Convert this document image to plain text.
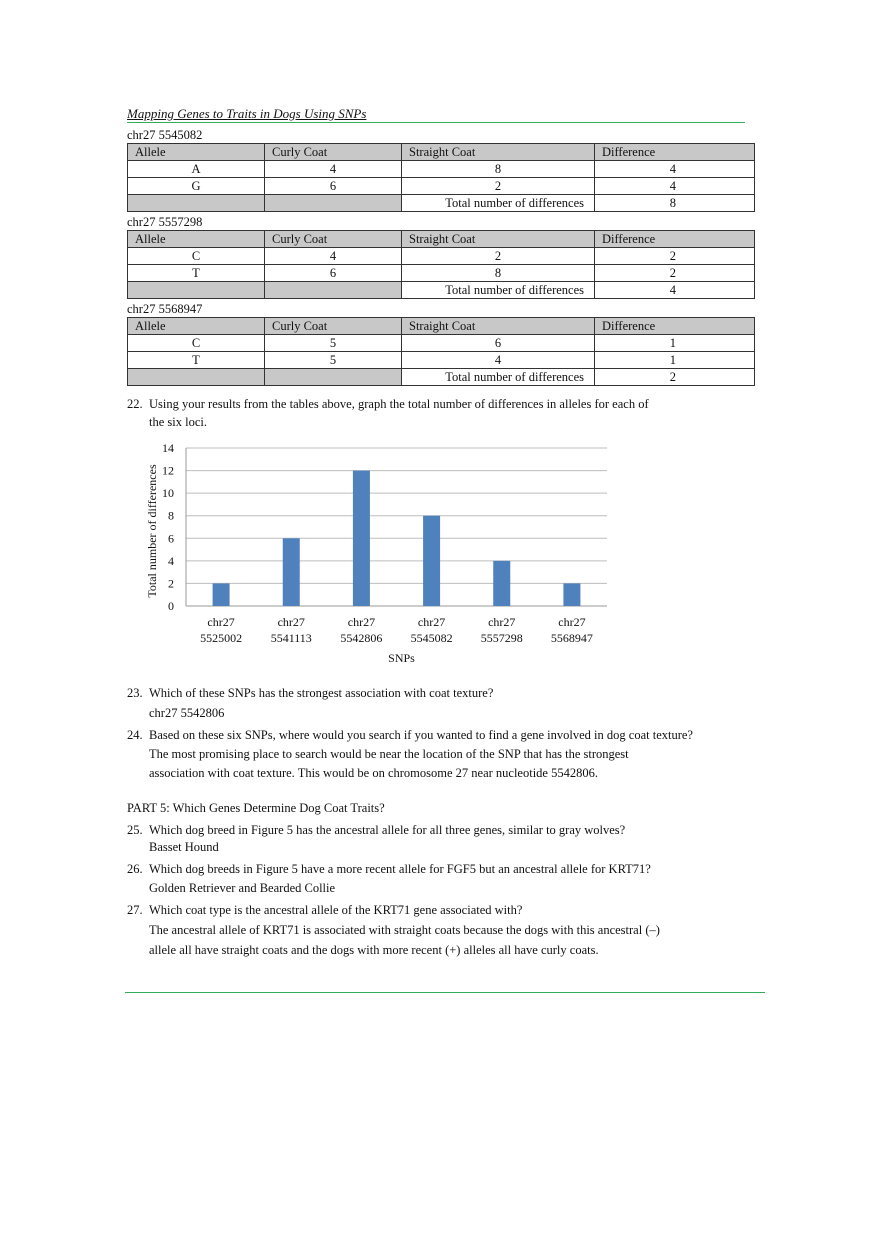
Mapping Genes to Traits in Dogs Using SNPs
chr27 5545082
Allele	Curly Coat	Straight Coat	Difference
A	4	8	4
G	6	2	4
		Total number of differences	8
chr27 5557298
Allele	Curly Coat	Straight Coat	Difference
C	4	2	2
T	6	8	2
		Total number of differences	4
chr27 5568947
Allele	Curly Coat	Straight Coat	Difference
C	5	6	1
T	5	4	1
		Total number of differences	2
22. Using your results from the tables above, graph the total number of differences in alleles for each of
the six loci.
0
2
4
6
8
10
12
14
chr27
5525002
chr27
5541113
chr27
5542806
chr27
5545082
chr27
5557298
chr27
5568947
SNPs
Total number of differences
23. Which of these SNPs has the strongest association with coat texture?
chr27 5542806
24. Based on these six SNPs, where would you search if you wanted to find a gene involved in dog coat texture?
The most promising place to search would be near the location of the SNP that has the strongest
association with coat texture. This would be on chromosome 27 near nucleotide 5542806.
PART 5: Which Genes Determine Dog Coat Traits?
25. Which dog breed in Figure 5 has the ancestral allele for all three genes, similar to gray wolves?
Basset Hound
26. Which dog breeds in Figure 5 have a more recent allele for FGF5 but an ancestral allele for KRT71?
Golden Retriever and Bearded Collie
27. Which coat type is the ancestral allele of the KRT71 gene associated with?
The ancestral allele of KRT71 is associated with straight coats because the dogs with this ancestral (–)
allele all have straight coats and the dogs with more recent (+) alleles all have curly coats.
